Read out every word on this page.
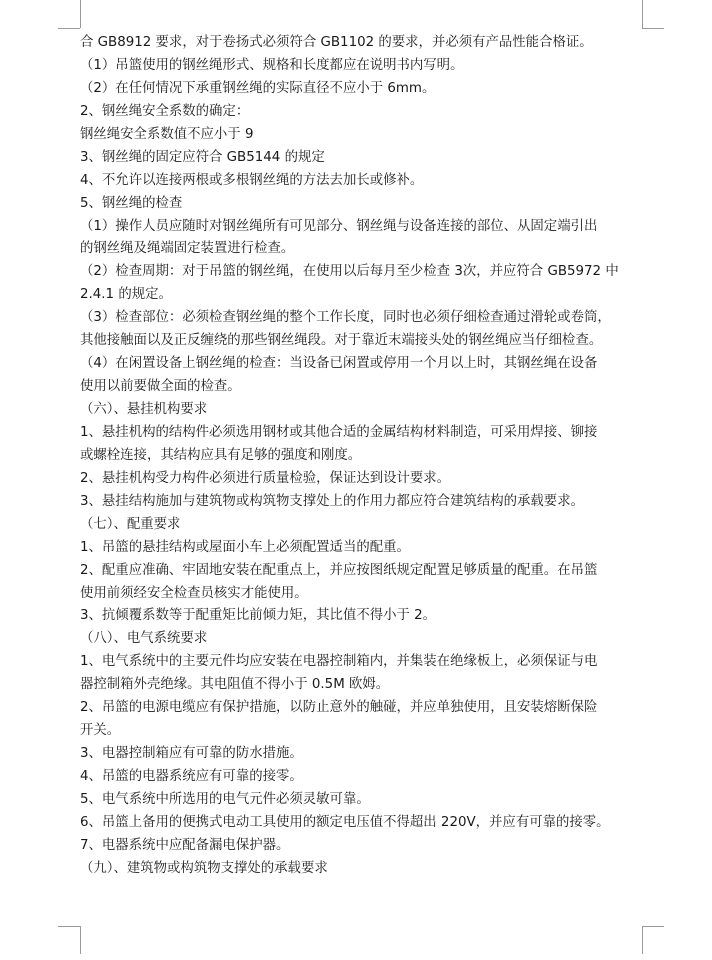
合 GB8912 要求，对于卷扬式必须符合 GB1102 的要求，并必须有产品性能合格证。
（1）吊篮使用的钢丝绳形式、规格和长度都应在说明书内写明。
（2）在任何情况下承重钢丝绳的实际直径不应小于 6mm。
2、钢丝绳安全系数的确定：
钢丝绳安全系数值不应小于 9
3、钢丝绳的固定应符合 GB5144 的规定
4、不允许以连接两根或多根钢丝绳的方法去加长或修补。
5、钢丝绳的检查
（1）操作人员应随时对钢丝绳所有可见部分、钢丝绳与设备连接的部位、从固定端引出
的钢丝绳及绳端固定装置进行检查。
（2）检查周期：对于吊篮的钢丝绳，在使用以后每月至少检查 3次，并应符合 GB5972 中
2.4.1 的规定。
（3）检查部位：必须检查钢丝绳的整个工作长度，同时也必须仔细检查通过滑轮或卷筒，
其他接触面以及正反缠绕的那些钢丝绳段。对于靠近末端接头处的钢丝绳应当仔细检查。
（4）在闲置设备上钢丝绳的检查：当设备已闲置或停用一个月以上时，其钢丝绳在设备
使用以前要做全面的检查。
（六）、悬挂机构要求
1、悬挂机构的结构件必须选用钢材或其他合适的金属结构材料制造，可采用焊接、铆接
或螺栓连接，其结构应具有足够的强度和刚度。
2、悬挂机构受力构件必须进行质量检验，保证达到设计要求。
3、悬挂结构施加与建筑物或构筑物支撑处上的作用力都应符合建筑结构的承载要求。
（七）、配重要求
1、吊篮的悬挂结构或屋面小车上必须配置适当的配重。
2、配重应准确、牢固地安装在配重点上，并应按图纸规定配置足够质量的配重。在吊篮
使用前须经安全检查员核实才能使用。
3、抗倾覆系数等于配重矩比前倾力矩，其比值不得小于 2。
（八）、电气系统要求
1、电气系统中的主要元件均应安装在电器控制箱内，并集装在绝缘板上，必须保证与电
器控制箱外壳绝缘。其电阻值不得小于 0.5M 欧姆。
2、吊篮的电源电缆应有保护措施，以防止意外的触碰，并应单独使用，且安装熔断保险
开关。
3、电器控制箱应有可靠的防水措施。
4、吊篮的电器系统应有可靠的接零。
5、电气系统中所选用的电气元件必须灵敏可靠。
6、吊篮上备用的便携式电动工具使用的额定电压值不得超出 220V，并应有可靠的接零。
7、电器系统中应配备漏电保护器。
（九）、建筑物或构筑物支撑处的承载要求
